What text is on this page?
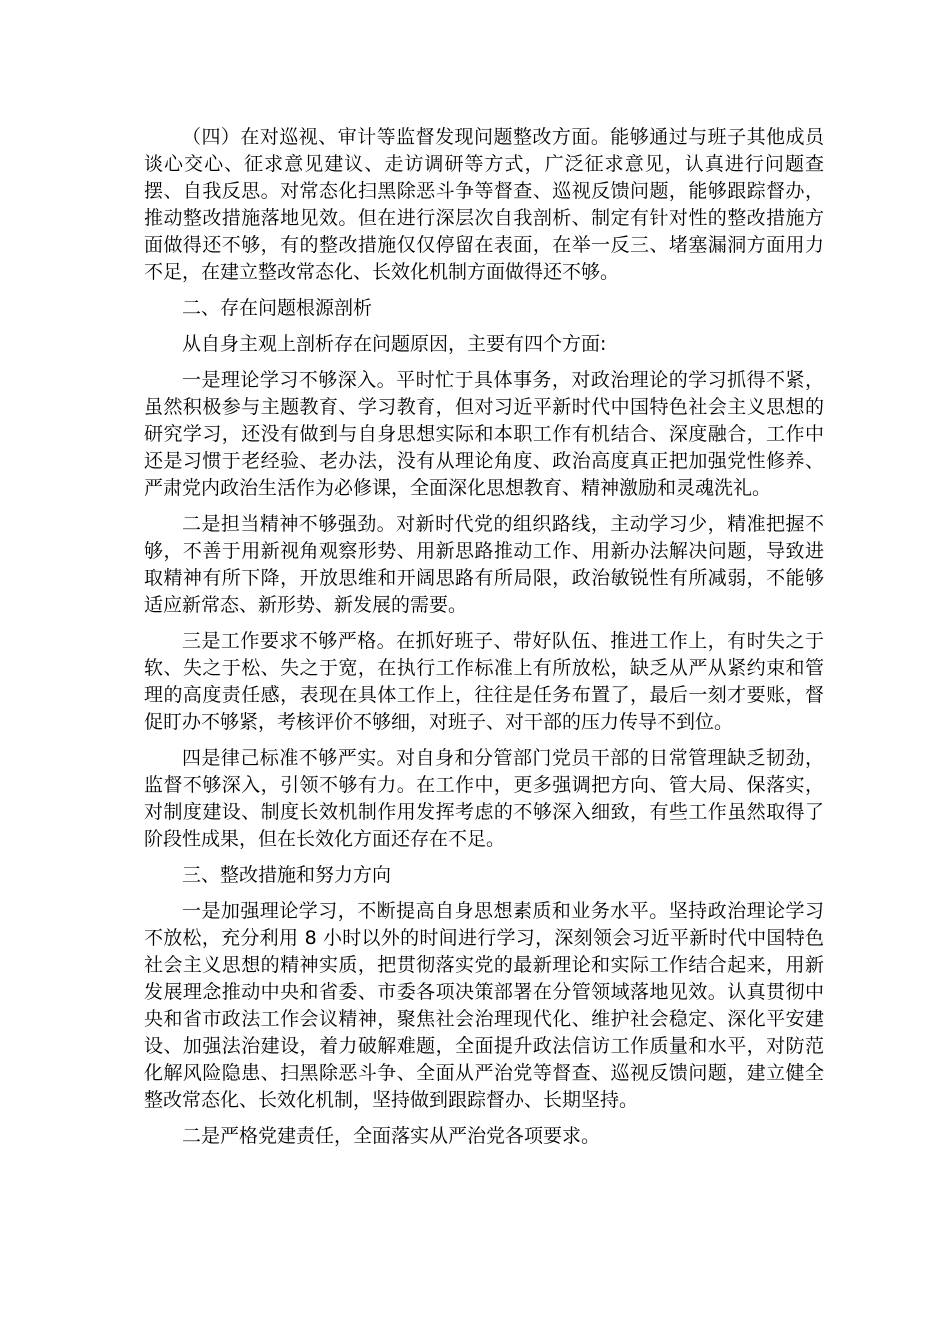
（四）在对巡视、审计等监督发现问题整改方面。能够通过与班子其他成员谈心交心、征求意见建议、走访调研等方式，广泛征求意见，认真进行问题查摆、自我反思。对常态化扫黑除恶斗争等督查、巡视反馈问题，能够跟踪督办，推动整改措施落地见效。但在进行深层次自我剖析、制定有针对性的整改措施方面做得还不够，有的整改措施仅仅停留在表面，在举一反三、堵塞漏洞方面用力不足，在建立整改常态化、长效化机制方面做得还不够。

二、存在问题根源剖析

从自身主观上剖析存在问题原因，主要有四个方面:

一是理论学习不够深入。平时忙于具体事务，对政治理论的学习抓得不紧，虽然积极参与主题教育、学习教育，但对习近平新时代中国特色社会主义思想的研究学习，还没有做到与自身思想实际和本职工作有机结合、深度融合，工作中还是习惯于老经验、老办法，没有从理论角度、政治高度真正把加强党性修养、严肃党内政治生活作为必修课，全面深化思想教育、精神激励和灵魂洗礼。

二是担当精神不够强劲。对新时代党的组织路线，主动学习少，精准把握不够，不善于用新视角观察形势、用新思路推动工作、用新办法解决问题，导致进取精神有所下降，开放思维和开阔思路有所局限，政治敏锐性有所减弱，不能够适应新常态、新形势、新发展的需要。

三是工作要求不够严格。在抓好班子、带好队伍、推进工作上，有时失之于软、失之于松、失之于宽，在执行工作标准上有所放松，缺乏从严从紧约束和管理的高度责任感，表现在具体工作上，往往是任务布置了，最后一刻才要账，督促盯办不够紧，考核评价不够细，对班子、对干部的压力传导不到位。

四是律己标准不够严实。对自身和分管部门党员干部的日常管理缺乏韧劲，监督不够深入，引领不够有力。在工作中，更多强调把方向、管大局、保落实，对制度建设、制度长效机制作用发挥考虑的不够深入细致，有些工作虽然取得了阶段性成果，但在长效化方面还存在不足。

三、整改措施和努力方向

一是加强理论学习，不断提高自身思想素质和业务水平。坚持政治理论学习不放松，充分利用 8 小时以外的时间进行学习，深刻领会习近平新时代中国特色社会主义思想的精神实质，把贯彻落实党的最新理论和实际工作结合起来，用新发展理念推动中央和省委、市委各项决策部署在分管领域落地见效。认真贯彻中央和省市政法工作会议精神，聚焦社会治理现代化、维护社会稳定、深化平安建设、加强法治建设，着力破解难题，全面提升政法信访工作质量和水平，对防范化解风险隐患、扫黑除恶斗争、全面从严治党等督查、巡视反馈问题，建立健全整改常态化、长效化机制，坚持做到跟踪督办、长期坚持。

二是严格党建责任，全面落实从严治党各项要求。
